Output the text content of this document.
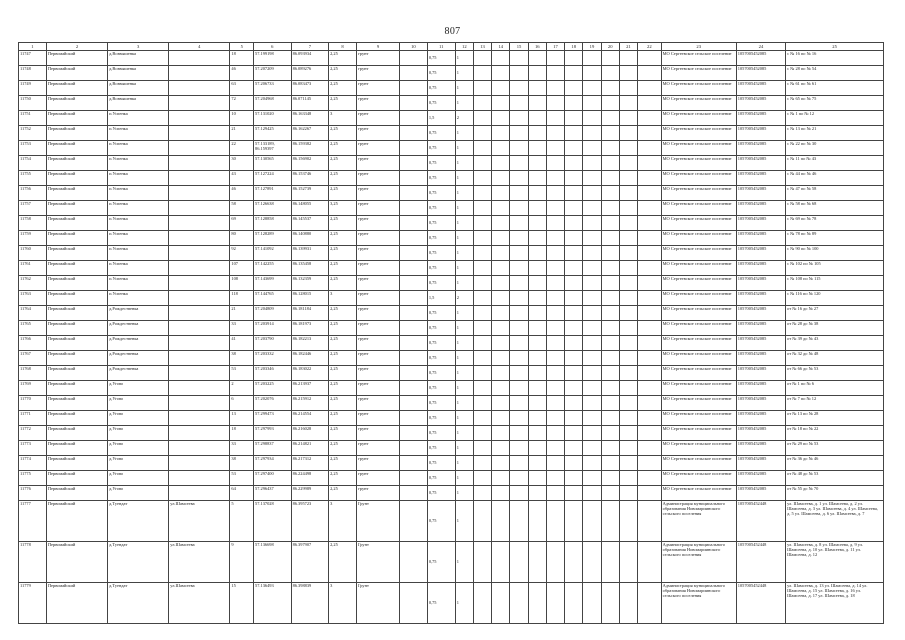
807
1	2	3	4	5	6	7	8	9	10	11	12	13	14	15	16	17	18	19	20	21	22	23	24	25
11747	Первомайский	д.Возвышенка		18	57.199198	86.093934	2,25	грунт		0,75	1											МО Сергеевское сельское поселение	1057005452085	с № 16 по № 16
11748	Первомайский	д.Возвышенка		46	57.207209	86.089276	2,25	грунт		0,75	1											МО Сергеевское сельское поселение	1057005452085	с № 28 по № 54
11749	Первомайский	д.Возвышенка		63	57.206733	86.083473	2,25	грунт		0,75	1											МО Сергеевское сельское поселение	1057005452085	с № 61 по № 61
11750	Первомайский	д.Возвышенка		72	57.204968	86.071145	2,25	грунт		0,75	1											МО Сергеевское сельское поселение	1057005452085	с № 65 по № 75
11751	Первомайский	п.Успенка		10	57.131020	86.163348	3	грунт		1,5	2											МО Сергеевское сельское поселение	1057005452085	с № 1 по № 12
11752	Первомайский	п.Успенка		21	57.129425	86.162267	2,25	грунт		0,75	1											МО Сергеевское сельское поселение	1057005452085	с № 13 по № 21
11753	Первомайский	п.Успенка		22	57.133189, 86.159397	86.159382	2,25	грунт		0,75	1											МО Сергеевское сельское поселение	1057005452085	с № 22 по № 30
11754	Первомайский	п.Успенка		30	57.130565	86.156902	2,25	грунт		0,75	1											МО Сергеевское сельское поселение	1057005452085	с № 11 по № 43
11755	Первомайский	п.Успенка		43	57.127224	86.153746	2,25	грунт		0,75	1											МО Сергеевское сельское поселение	1057005452085	с № 44 по № 46
11756	Первомайский	п.Успенка		46	57.127891	86.152739	2,25	грунт		0,75	1											МО Сергеевское сельское поселение	1057005452085	с № 47 по № 58
11757	Первомайский	п.Успенка		58	57.126638	86.148055	3,25	грунт		0,75	1											МО Сергеевское сельское поселение	1057005452085	с № 58 по № 68
11758	Первомайский	п.Успенка		69	57.128858	86.145537	2,25	грунт		0,75	1											МО Сергеевское сельское поселение	1057005452085	с № 69 по № 78
11759	Первомайский	п.Успенка		80	57.128289	86.140880	2,25	грунт		0,75	1											МО Сергеевское сельское поселение	1057005452085	с № 78 по № 89
11760	Первомайский	п.Успенка		92	57.141092	86.139931	2,25	грунт		0,75	1											МО Сергеевское сельское поселение	1057005452085	с № 90 по № 100
11761	Первомайский	п.Успенка		107	57.142255	86.135458	2,25	грунт		0,75	1											МО Сергеевское сельское поселение	1057005452085	с № 102 по № 105
11762	Первомайский	п.Успенка		108	57.143699	86.132359	2,25	грунт		0,75	1											МО Сергеевское сельское поселение	1057005452085	с № 108 по № 115
11763	Первомайский	п.Успенка		118	57.144765	86.128015	3	грунт		1,5	2											МО Сергеевское сельское поселение	1057005452085	с № 116 по № 120
11764	Первомайский	д.Рождественка		21	57.204809	86.181184	2,25	грунт		0,75	1											МО Сергеевское сельское поселение	1057005452085	от № 16 до № 27
11765	Первомайский	д.Рождественка		33	57.203914	86.181973	2,25	грунт		0,75	1											МО Сергеевское сельское поселение	1057005452085	от № 28 до № 38
11766	Первомайский	д.Рождественка		41	57.203790	86.182213	2,25	грунт		0,75	1											МО Сергеевское сельское поселение	1057005452085	от № 39 до № 43
11767	Первомайский	д.Рождественка		38	57.203332	86.182446	2,25	грунт		0,75	1											МО Сергеевское сельское поселение	1057005452085	от № 32 до № 48
11768	Первомайский	д.Рождественка		53	57.203346	86.183022	2,25	грунт		0,75	1											МО Сергеевское сельское поселение	1057005452085	от № 66 до № 53
11769	Первомайский	д.Угово		2	57.203225	86.213937	2,25	грунт		0,75	1											МО Сергеевское сельское поселение	1057005452085	от № 1 по № 6
11770	Первомайский	д.Угово		6	57.202076	86.215912	2,25	грунт		0,75	1											МО Сергеевское сельское поселение	1057005452085	от № 7 по № 12
11771	Первомайский	д.Угово		13	57.299473	86.214554	2,25	грунт		0,75	1											МО Сергеевское сельское поселение	1057005452085	от № 13 по № 28
11772	Первомайский	д.Угово		18	57.297993	86.216028	2,25	грунт		0,75	1											МО Сергеевское сельское поселение	1057005452085	от № 18 по № 22
11773	Первомайский	д.Угово		33	57.298837	86.214821	2,25	грунт		0,75	1											МО Сергеевское сельское поселение	1057005452085	от № 29 по № 53
11774	Первомайский	д.Угово		38	57.297934	86.217312	2,25	грунт		0,75	1											МО Сергеевское сельское поселение	1057005452085	от № 36 до № 46
11775	Первомайский	д.Угово		53	57.297400	86.224498	2,25	грунт		0,75	1											МО Сергеевское сельское поселение	1057005452085	от № 48 до № 53
11776	Первомайский	д.Угово		64	57.296437	86.229989	2,25	грунт		0,75	1											МО Сергеевское сельское поселение	1057005452085	от № 55 до № 70
11777	Первомайский	д.Туендат	ул.Шамсеева	5	57.137028	86.395723	3	Грунт		0,75	1											Администрация муниципального образования Новомариинского сельского поселения	1057005452448	ул. Шамсеева, д. 1 ул. Шамсеева, д. 2 ул. Шамсеева, д. 3 ул. Шамсеева, д. 4 ул. Шамсеева, д. 5 ул. Шамсеева, д. 6 ул. Шамсеева, д. 7
11778	Первомайский	д.Туендат	ул.Шамсеева	9	57.136698	86.397907	2,25	Грунт		0,75	1											Администрация муниципального образования Новомариинского сельского поселения	1057005452448	ул. Шамсеева, д. 8 ул. Шамсеева, д. 9 ул. Шамсеева, д. 10 ул. Шамсеева, д. 11 ул. Шамсеева, д. 12
11779	Первомайский	д.Туендат	ул.Шамсеева	15	57.136493	86.398839	3	Грунт		0,75	1											Администрация муниципального образования Новомариинского сельского поселения	1057005452448	ул. Шамсеева, д. 13 ул. Шамсеева, д. 14 ул. Шамсеева, д. 15 ул. Шамсеева, д. 16 ул. Шамсеева, д. 17 ул. Шамсеева, д. 18
